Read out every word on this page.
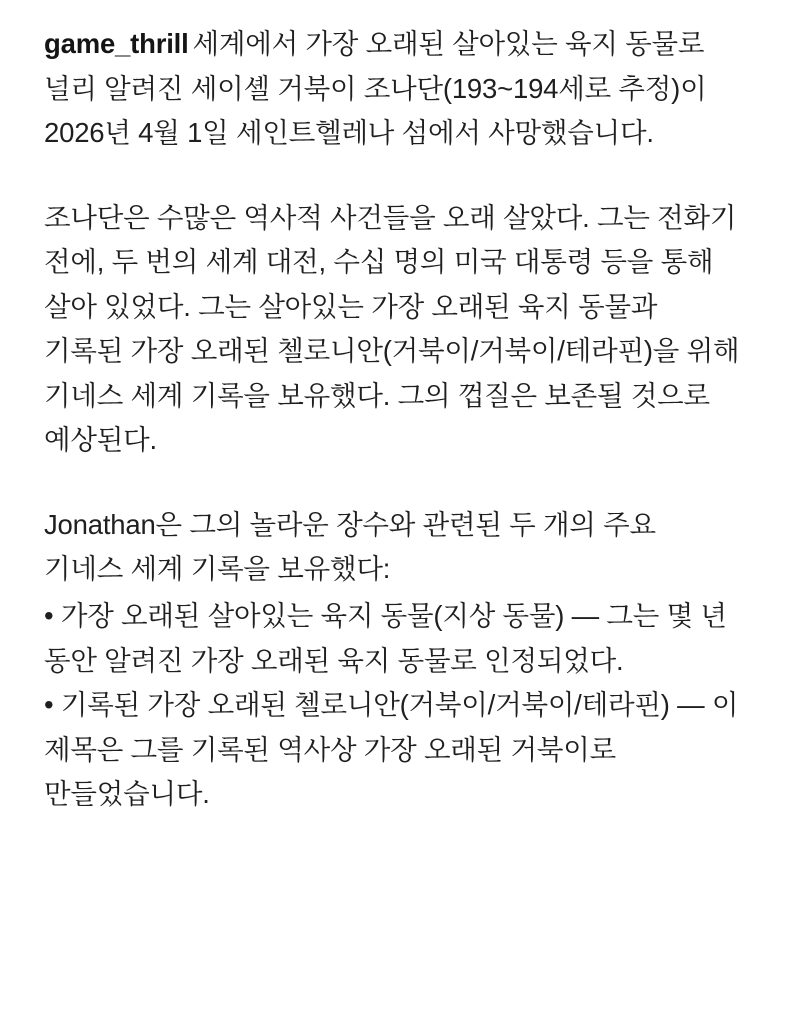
game_thrill 세계에서 가장 오래된 살아있는 육지 동물로 널리 알려진 세이셸 거북이 조나단(193~194세로 추정)이 2026년 4월 1일 세인트헬레나 섬에서 사망했습니다.

조나단은 수많은 역사적 사건들을 오래 살았다. 그는 전화기 전에, 두 번의 세계 대전, 수십 명의 미국 대통령 등을 통해 살아 있었다. 그는 살아있는 가장 오래된 육지 동물과 기록된 가장 오래된 첼로니안(거북이/거북이/테라핀)을 위해 기네스 세계 기록을 보유했다. 그의 껍질은 보존될 것으로 예상된다.

Jonathan은 그의 놀라운 장수와 관련된 두 개의 주요 기네스 세계 기록을 보유했다:

• 가장 오래된 살아있는 육지 동물(지상 동물) — 그는 몇 년 동안 알려진 가장 오래된 육지 동물로 인정되었다.

• 기록된 가장 오래된 첼로니안(거북이/거북이/테라핀) — 이 제목은 그를 기록된 역사상 가장 오래된 거북이로 만들었습니다.
